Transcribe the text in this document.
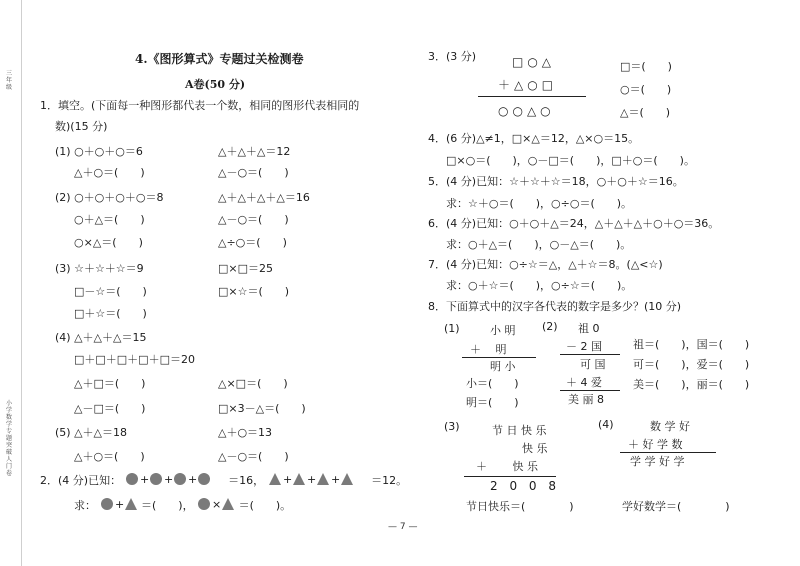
三年级
小学数学专题突破人门卷
4.《图形算式》专题过关检测卷
A卷(50 分)
1．填空。(下面每一种图形都代表一个数，相同的图形代表相同的
数)(15 分)
(1) ○＋○＋○＝6	△＋△＋△＝12
△＋○＝(　　)	△－○＝(　　)
(2) ○＋○＋○＋○＝8	△＋△＋△＋△＝16
○＋△＝(　　)	△－○＝(　　)
○×△＝(　　)	△÷○＝(　　)
(3) ☆＋☆＋☆＝9	□×□＝25
□－☆＝(　　)	□×☆＝(　　)
□＋☆＝(　　)
(4) △＋△＋△＝15
□＋□＋□＋□＋□＝20
△＋□＝(　　)	△×□＝(　　)
△－□＝(　　)	□×3－△＝(　　)
(5) △＋△＝18	△＋○＝13
△＋○＝(　　)	△－○＝(　　)
2．(4 分)已知： + + +	＝16， + + +	＝12。
求： + ＝(　　)， × ＝(　　)。
3．(3 分)	□○△
＋△○□
○○△○
□＝(　　)
○＝(　　)
△＝(　　)
4．(6 分)△≠1，□×△＝12，△×○＝15。
□×○＝(　　)，○－□＝(　　)，□＋○＝(　　)。
5．(4 分)已知：☆＋☆＋☆＝18，○＋○＋☆＝16。
求：☆＋○＝(　　)，○÷○＝(　　)。
6．(4 分)已知：○＋○＋△＝24，△＋△＋△＋○＋○＝36。
求：○＋△＝(　　)，○－△＝(　　)。
7．(4 分)已知：○÷☆＝△，△＋☆＝8。(△<☆)
求：○＋☆＝(　　)，○÷☆＝(　　)。
8．下面算式中的汉字各代表的数字是多少？(10 分)
(1)	小 明
＋　 明
明 小
小＝(　　)
明＝(　　)
(2) 祖 0
－ 2 国
可 国
＋ 4 爱
美 丽 8
祖＝(　　)，国＝(　　)
可＝(　　)，爱＝(　　)
美＝(　　)，丽＝(　　)
(3)	节 日 快 乐
快 乐
＋　　 快 乐
2 0 0 8
节日快乐＝(　　　　)
(4)	数 学 好
＋ 好 学 数
学 学 好 学
学好数学＝(　　　　)
— 7 —
